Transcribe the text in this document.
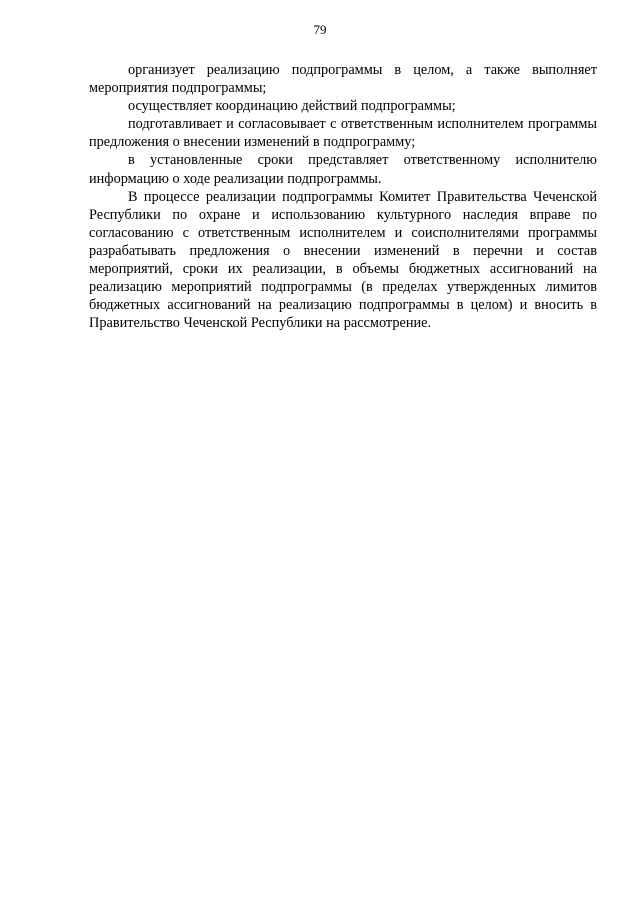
79

организует реализацию подпрограммы в целом, а также выполняет мероприятия подпрограммы;

осуществляет координацию действий подпрограммы;

подготавливает и согласовывает с ответственным исполнителем программы предложения о внесении изменений в подпрограмму;

в установленные сроки представляет ответственному исполнителю информацию о ходе реализации подпрограммы.

В процессе реализации подпрограммы Комитет Правительства Чеченской Республики по охране и использованию культурного наследия вправе по согласованию с ответственным исполнителем и соисполнителями программы разрабатывать предложения о внесении изменений в перечни и состав мероприятий, сроки их реализации, в объемы бюджетных ассигнований на реализацию мероприятий подпрограммы (в пределах утвержденных лимитов бюджетных ассигнований на реализацию подпрограммы в целом) и вносить в Правительство Чеченской Республики на рассмотрение.
